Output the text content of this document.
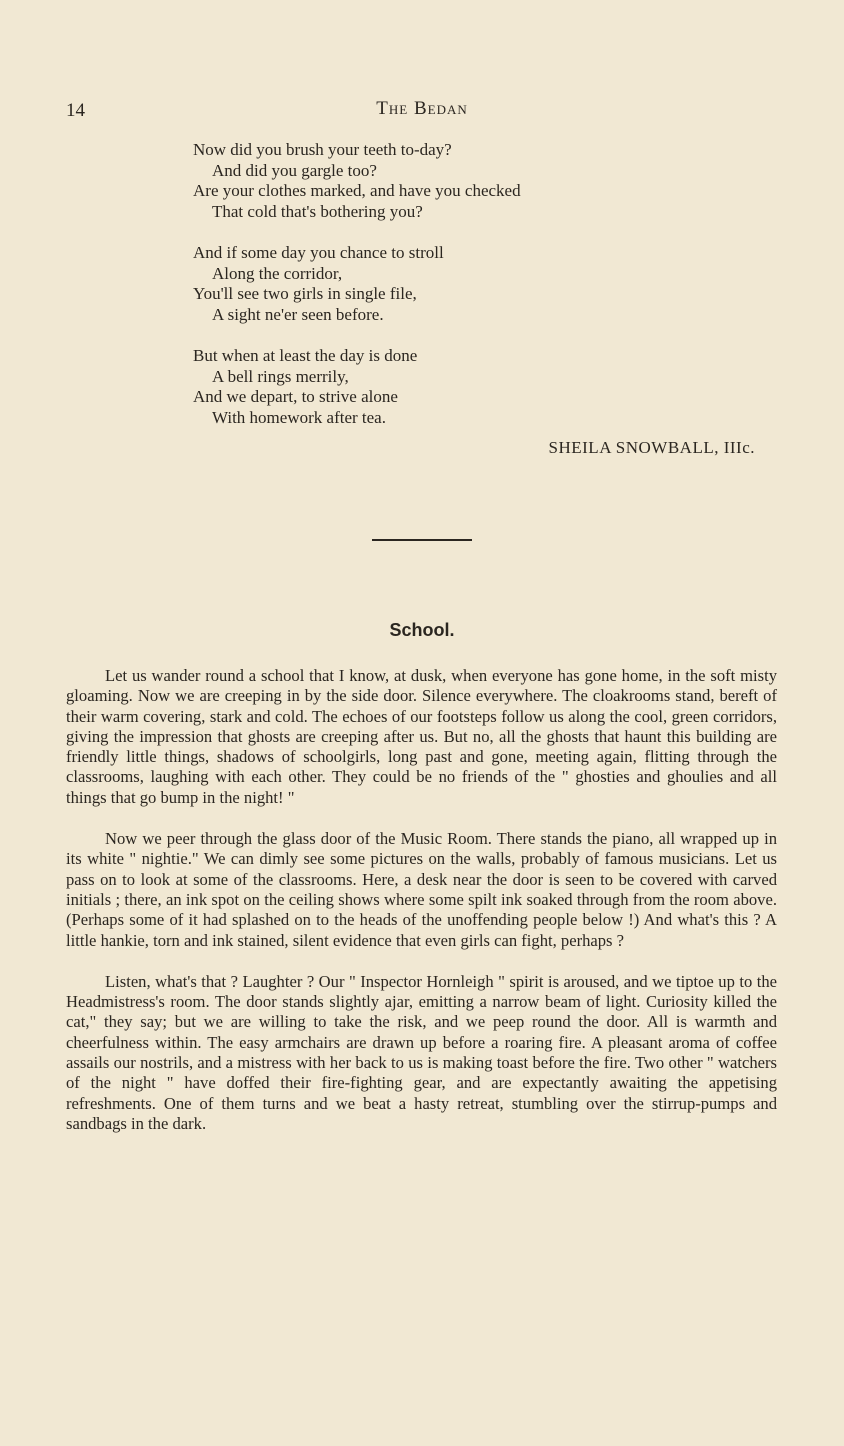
14	The Bedan
Now did you brush your teeth to-day?
And did you gargle too?
Are your clothes marked, and have you checked
That cold that's bothering you?
And if some day you chance to stroll
Along the corridor,
You'll see two girls in single file,
A sight ne'er seen before.
But when at least the day is done
A bell rings merrily,
And we depart, to strive alone
With homework after tea.
SHEILA SNOWBALL, IIIc.
School.

Let us wander round a school that I know, at dusk, when everyone has gone home, in the soft misty gloaming. Now we are creeping in by the side door. Silence everywhere. The cloakrooms stand, bereft of their warm covering, stark and cold. The echoes of our footsteps follow us along the cool, green corridors, giving the impression that ghosts are creeping after us. But no, all the ghosts that haunt this building are friendly little things, shadows of schoolgirls, long past and gone, meeting again, flitting through the classrooms, laughing with each other. They could be no friends of the " ghosties and ghoulies and all things that go bump in the night! "

Now we peer through the glass door of the Music Room. There stands the piano, all wrapped up in its white " nightie." We can dimly see some pictures on the walls, probably of famous musicians. Let us pass on to look at some of the classrooms. Here, a desk near the door is seen to be covered with carved initials ; there, an ink spot on the ceiling shows where some spilt ink soaked through from the room above. (Perhaps some of it had splashed on to the heads of the unoffending people below !) And what's this ? A little hankie, torn and ink stained, silent evidence that even girls can fight, perhaps ?

Listen, what's that ? Laughter ? Our " Inspector Hornleigh " spirit is aroused, and we tiptoe up to the Headmistress's room. The door stands slightly ajar, emitting a narrow beam of light. Curiosity killed the cat," they say; but we are willing to take the risk, and we peep round the door. All is warmth and cheerfulness within. The easy armchairs are drawn up before a roaring fire. A pleasant aroma of coffee assails our nostrils, and a mistress with her back to us is making toast before the fire. Two other " watchers of the night " have doffed their fire-fighting gear, and are expectantly awaiting the appetising refreshments. One of them turns and we beat a hasty retreat, stumbling over the stirrup-pumps and sandbags in the dark.
